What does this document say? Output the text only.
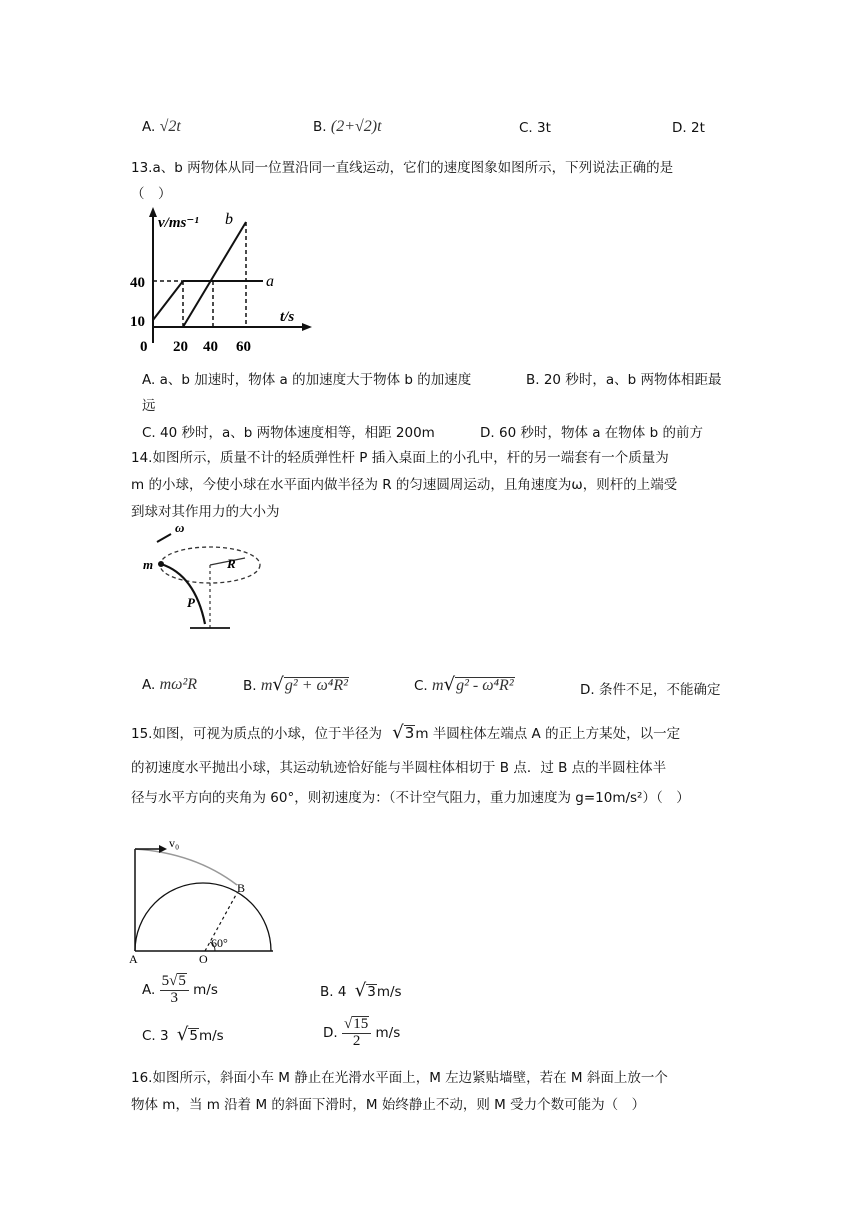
A. √2t	B. (2+√2)t	C. 3t	D. 2t
13.a、b 两物体从同一位置沿同一直线运动，它们的速度图象如图所示，下列说法正确的是
（　）
v/ms⁻¹ b
a
40
10
0 20 40 60
t/s
A. a、b 加速时，物体 a 的加速度大于物体 b 的加速度	B. 20 秒时，a、b 两物体相距最
远
C. 40 秒时，a、b 两物体速度相等，相距 200m	D. 60 秒时，物体 a 在物体 b 的前方
14.如图所示，质量不计的轻质弹性杆 P 插入桌面上的小孔中，杆的另一端套有一个质量为
m 的小球，今使小球在水平面内做半径为 R 的匀速圆周运动，且角速度为ω，则杆的上端受
到球对其作用力的大小为
ω
m	R
P
A. mω²R	B. m√g² + ω⁴R²	C. m√g² - ω⁴R²	D. 条件不足，不能确定
15.如图，可视为质点的小球，位于半径为 √3m 半圆柱体左端点 A 的正上方某处，以一定
的初速度水平抛出小球，其运动轨迹恰好能与半圆柱体相切于 B 点．过 B 点的半圆柱体半
径与水平方向的夹角为 60°，则初速度为：（不计空气阻力，重力加速度为 g=10m/s²）（　）
v₀
B
A	O
60°
A. $\frac{5√5}{3} m/s$	B. 4 √3m/s
C. 3 √5m/s	D. $\frac{√15}{2} m/s$
16.如图所示，斜面小车 M 静止在光滑水平面上，M 左边紧贴墙壁，若在 M 斜面上放一个
物体 m，当 m 沿着 M 的斜面下滑时，M 始终静止不动，则 M 受力个数可能为（　）
